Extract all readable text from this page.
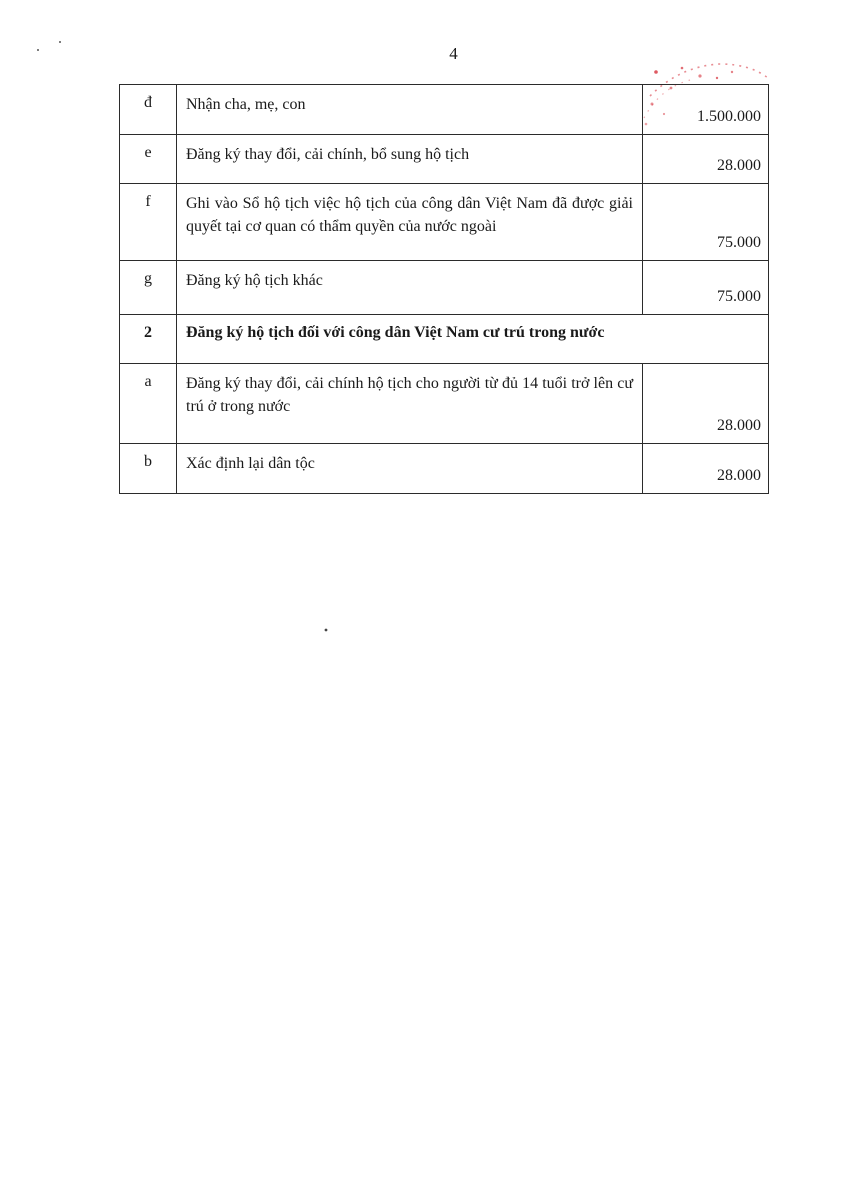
4
đ	Nhận cha, mẹ, con	1.500.000
e	Đăng ký thay đổi, cải chính, bổ sung hộ tịch	28.000
f	Ghi vào Sổ hộ tịch việc hộ tịch của công dân Việt Nam đã được giải quyết tại cơ quan có thẩm quyền của nước ngoài	75.000
g	Đăng ký hộ tịch khác	75.000
2	Đăng ký hộ tịch đối với công dân Việt Nam cư trú trong nước	
a	Đăng ký thay đổi, cải chính hộ tịch cho người từ đủ 14 tuổi trở lên cư trú ở trong nước	28.000
b	Xác định lại dân tộc	28.000
